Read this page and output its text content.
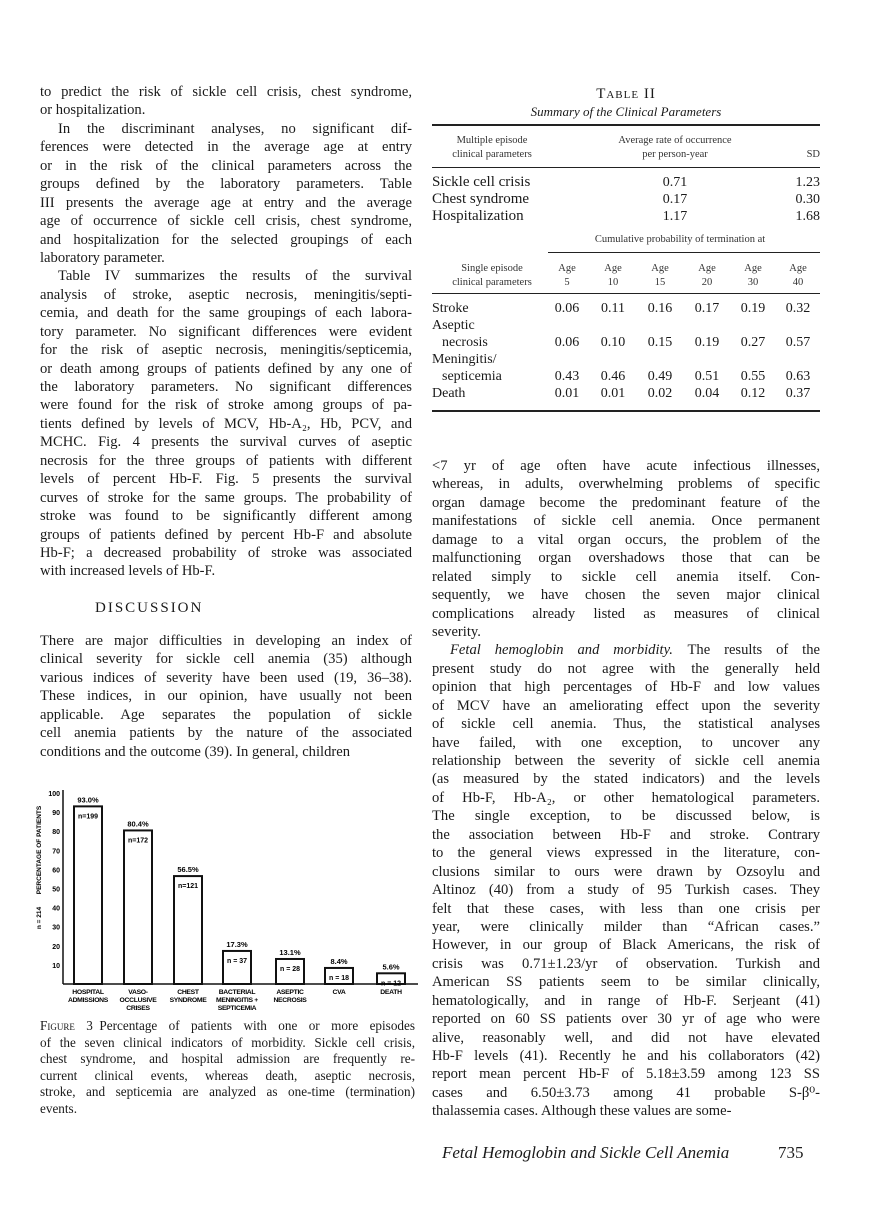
to predict the risk of sickle cell crisis, chest syndrome,
or hospitalization.
In the discriminant analyses, no significant dif-
ferences were detected in the average age at entry
or in the risk of the clinical parameters across the
groups defined by the laboratory parameters. Table
III presents the average age at entry and the average
age of occurrence of sickle cell crisis, chest syndrome,
and hospitalization for the selected groupings of each
laboratory parameter.
Table IV summarizes the results of the survival
analysis of stroke, aseptic necrosis, meningitis/septi-
cemia, and death for the same groupings of each labora-
tory parameter. No significant differences were evident
for the risk of aseptic necrosis, meningitis/septicemia,
or death among groups of patients defined by any one of
the laboratory parameters. No significant differences
were found for the risk of stroke among groups of pa-
tients defined by levels of MCV, Hb-A₂, Hb, PCV, and
MCHC. Fig. 4 presents the survival curves of aseptic
necrosis for the three groups of patients with different
levels of percent Hb-F. Fig. 5 presents the survival
curves of stroke for the same groups. The probability of
stroke was found to be significantly different among
groups of patients defined by percent Hb-F and absolute
Hb-F; a decreased probability of stroke was associated
with increased levels of Hb-F.
DISCUSSION
There are major difficulties in developing an index of
clinical severity for sickle cell anemia (35) although
various indices of severity have been used (19, 36–38).
These indices, in our opinion, have usually not been
applicable. Age separates the population of sickle
cell anemia patients by the nature of the associated
conditions and the outcome (39). In general, children
10
20
30
40
50
60
70
80
90
100
PERCENTAGE OF PATIENTS
n = 214
93.0%
n=199
HOSPITAL
ADMISSIONS
80.4%
n=172
VASO-
OCCLUSIVE
CRISES
56.5%
n=121
CHEST
SYNDROME
17.3%
n = 37
BACTERIAL
MENINGITIS +
SEPTICEMIA
13.1%
n = 28
ASEPTIC
NECROSIS
8.4%
n = 18
CVA
5.6%
n = 12
DEATH
Figure 3  Percentage of patients with one or more episodes
of the seven clinical indicators of morbidity. Sickle cell crisis,
chest syndrome, and hospital admission are frequently re-
current clinical events, whereas death, aseptic necrosis,
stroke, and septicemia are analyzed as one-time (termination)
events.
Table II
Summary of the Clinical Parameters
Multiple episode
clinical parameters
Average rate of occurrence
per person-year	SD
Sickle cell crisis	0.71	1.23
Chest syndrome	0.17	0.30
Hospitalization	1.17	1.68
Cumulative probability of termination at
Single episode
clinical parameters
Age
5
Age
10
Age
15
Age
20
Age
30
Age
40
Stroke	0.06	0.11	0.16	0.17	0.19	0.32
Aseptic
necrosis	0.06	0.10	0.15	0.19	0.27	0.57
Meningitis/
septicemia	0.43	0.46	0.49	0.51	0.55	0.63
Death	0.01	0.01	0.02	0.04	0.12	0.37
<7 yr of age often have acute infectious illnesses,
whereas, in adults, overwhelming problems of specific
organ damage become the predominant feature of the
manifestations of sickle cell anemia. Once permanent
damage to a vital organ occurs, the problem of the
malfunctioning organ overshadows those that can be
related simply to sickle cell anemia itself. Con-
sequently, we have chosen the seven major clinical
complications already listed as measures of clinical
severity.
Fetal hemoglobin and morbidity.  The results of the
present study do not agree with the generally held
opinion that high percentages of Hb-F and low values
of MCV have an ameliorating effect upon the severity
of sickle cell anemia. Thus, the statistical analyses
have failed, with one exception, to uncover any
relationship between the severity of sickle cell anemia
(as measured by the stated indicators) and the levels
of Hb-F, Hb-A₂, or other hematological parameters.
The single exception, to be discussed below, is
the association between Hb-F and stroke. Contrary
to the general views expressed in the literature, con-
clusions similar to ours were drawn by Ozsoylu and
Altinoz (40) from a study of 95 Turkish cases. They
felt that these cases, with less than one crisis per
year, were clinically milder than “African cases.”
However, in our group of Black Americans, the risk of
crisis was 0.71±1.23/yr of observation. Turkish and
American SS patients seem to be similar clinically,
hematologically, and in range of Hb-F. Serjeant (41)
reported on 60 SS patients over 30 yr of age who were
alive, reasonably well, and did not have elevated
Hb-F levels (41). Recently he and his collaborators (42)
report mean percent Hb-F of 5.18±3.59 among 123 SS
cases and 6.50±3.73 among 41 probable S-β⁰-
thalassemia cases. Although these values are some-
Fetal Hemoglobin and Sickle Cell Anemia	735
